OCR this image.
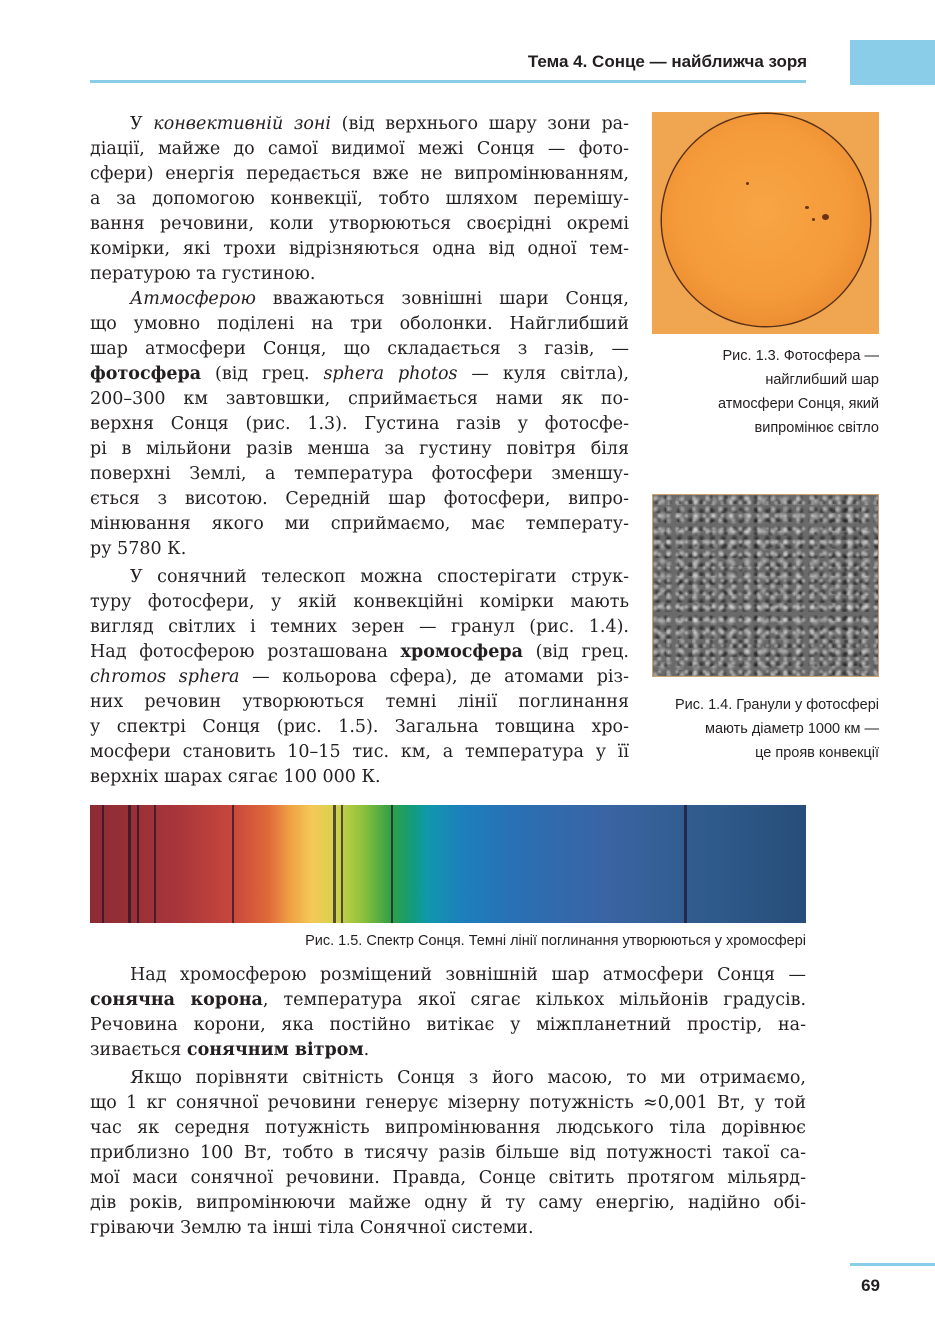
Тема 4. Сонце — найближча зоря

У конвективній зоні (від верхнього шару зони ра-

діації, майже до самої видимої межі Сонця — фото-

сфери) енергія передається вже не випромінюванням,

а за допомогою конвекції, тобто шляхом перемішу-

вання речовини, коли утворюються своєрідні окремі

комірки, які трохи відрізняються одна від одної тем-

пературою та густиною.

Атмосферою вважаються зовнішні шари Сонця,

що умовно поділені на три оболонки. Найглибший

шар атмосфери Сонця, що складається з газів, —

фотосфера (від грец. sphera photos — куля світла),

200–300 км завтовшки, сприймається нами як по-

верхня Сонця (рис. 1.3). Густина газів у фотосфе-

рі в мільйони разів менша за густину повітря біля

поверхні Землі, а температура фотосфери зменшу-

ється з висотою. Середній шар фотосфери, випро-

мінювання якого ми сприймаємо, має температу-

ру 5780 К.

У сонячний телескоп можна спостерігати струк-

туру фотосфери, у якій конвекційні комірки мають

вигляд світлих і темних зерен — гранул (рис. 1.4).

Над фотосферою розташована хромосфера (від грец.

chromos sphera — кольорова сфера), де атомами різ-

них речовин утворюються темні лінії поглинання

у спектрі Сонця (рис. 1.5). Загальна товщина хро-

мосфери становить 10–15 тис. км, а температура у її

верхніх шарах сягає 100 000 К.

Рис. 1.3. Фотосфера —
найглибший шар
атмосфери Сонця, який
випромінює світло
Рис. 1.4. Гранули у фотосфері
мають діаметр 1000 км —
це прояв конвекції
Рис. 1.5. Спектр Сонця. Темні лінії поглинання утворюються у хромосфері

Над хромосферою розміщений зовнішній шар атмосфери Сонця —

сонячна корона, температура якої сягає кількох мільйонів градусів.

Речовина корони, яка постійно витікає у міжпланетний простір, на-

зивається сонячним вітром.

Якщо порівняти світність Сонця з його масою, то ми отримаємо,

що 1 кг сонячної речовини генерує мізерну потужність ≈0,001 Вт, у той

час як середня потужність випромінювання людського тіла дорівнює

приблизно 100 Вт, тобто в тисячу разів більше від потужності такої са-

мої маси сонячної речовини. Правда, Сонце світить протягом мільярд-

дів років, випромінюючи майже одну й ту саму енергію, надійно обі-

гріваючи Землю та інші тіла Сонячної системи.

69
